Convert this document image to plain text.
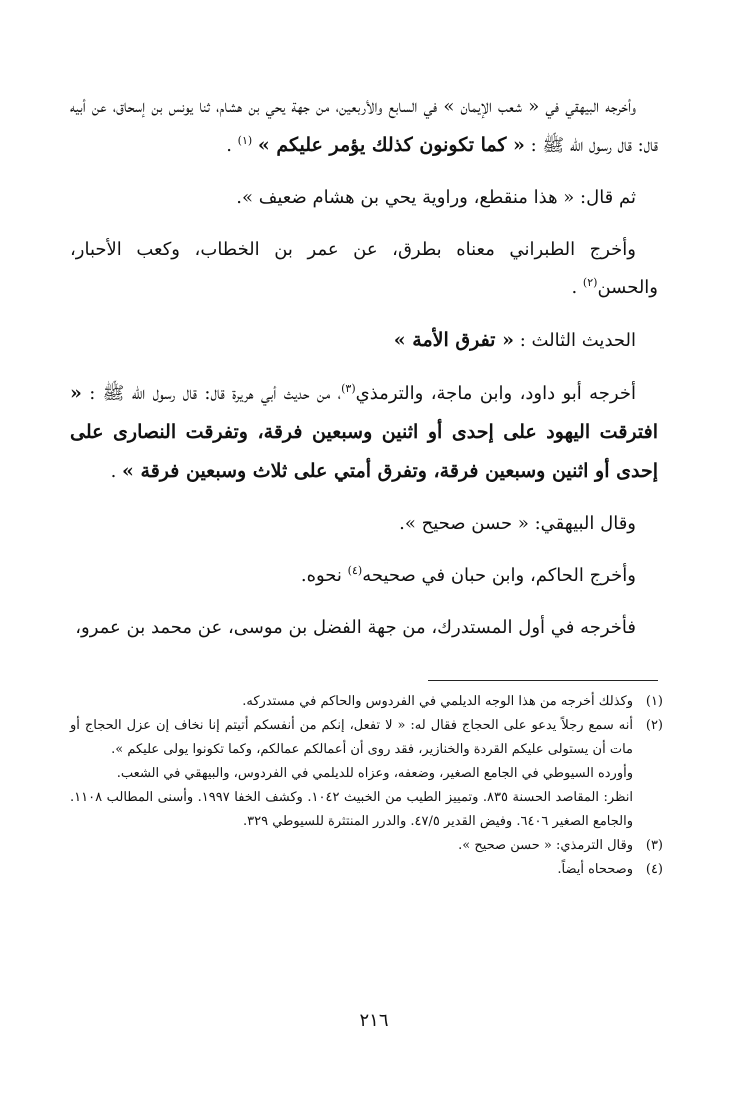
وأخرجه البيهقي في « شعب الإيمان » في السابع والأربعين، من جهة يحي بن هشام، ثنا يونس بن إسحاق، عن أبيه قال: قال رسول الله ﷺ : « كما تكونون كذلك يؤمر عليكم » $^{(١)}$ .

ثم قال: « هذا منقطع، وراوية يحي بن هشام ضعيف ».

وأخرج الطبراني معناه بطرق، عن عمر بن الخطاب، وكعب الأحبار، والحسن$^{(٢)}$ .

الحديث الثالث : « تفرق الأمة »

أخرجه أبو داود، وابن ماجة، والترمذي$^{(٣)}$، من حديث أبي هريرة قال: قال رسول الله ﷺ : « افترقت اليهود على إحدى أو اثنين وسبعين فرقة، وتفرقت النصارى على إحدى أو اثنين وسبعين فرقة، وتفرق أمتي على ثلاث وسبعين فرقة » .

وقال البيهقي: « حسن صحيح ».

وأخرج الحاكم، وابن حبان في صحيحه$^{(٤)}$ نحوه.

فأخرجه في أول المستدرك، من جهة الفضل بن موسى، عن محمد بن عمرو،

(١)
وكذلك أخرجه من هذا الوجه الديلمي في الفردوس والحاكم في مستدركه.
(٢)
أنه سمع رجلاً يدعو على الحجاج فقال له: « لا تفعل، إنكم من أنفسكم أتيتم إنا نخاف إن عزل الحجاج أو مات أن يستولى عليكم القردة والخنازير، فقد روى أن أعمالكم عمالكم، وكما تكونوا يولى عليكم ».
وأورده السيوطي في الجامع الصغير، وضعفه، وعزاه للديلمي في الفردوس، والبيهقي في الشعب.
انظر: المقاصد الحسنة ٨٣٥. وتمييز الطيب من الخبيث ١٠٤٢. وكشف الخفا ١٩٩٧. وأسنى المطالب ١١٠٨. والجامع الصغير ٦٤٠٦. وفيض القدير ٤٧/٥. والدرر المنتثرة للسيوطي ٣٢٩.
(٣)
وقال الترمذي: « حسن صحيح ».
(٤)
وصححاه أيضاً.
٢١٦
